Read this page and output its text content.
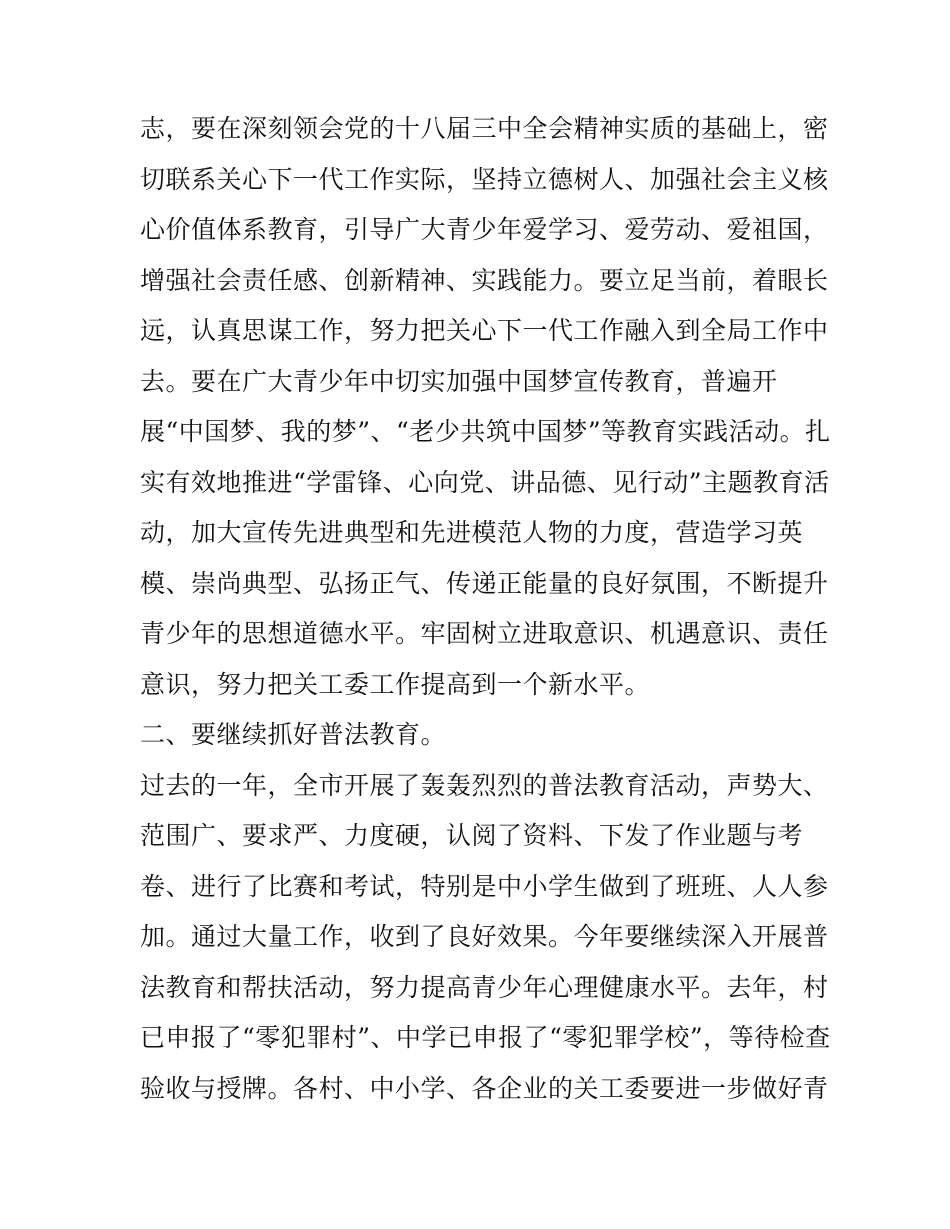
志，要在深刻领会党的十八届三中全会精神实质的基础上，密
切联系关心下一代工作实际，坚持立德树人、加强社会主义核
心价值体系教育，引导广大青少年爱学习、爱劳动、爱祖国，
增强社会责任感、创新精神、实践能力。要立足当前，着眼长
远，认真思谋工作，努力把关心下一代工作融入到全局工作中
去。要在广大青少年中切实加强中国梦宣传教育，普遍开
展“中国梦、我的梦”、“老少共筑中国梦”等教育实践活动。扎
实有效地推进“学雷锋、心向党、讲品德、见行动”主题教育活
动，加大宣传先进典型和先进模范人物的力度，营造学习英
模、崇尚典型、弘扬正气、传递正能量的良好氛围，不断提升
青少年的思想道德水平。牢固树立进取意识、机遇意识、责任
意识，努力把关工委工作提高到一个新水平。
二、要继续抓好普法教育。
过去的一年，全市开展了轰轰烈烈的普法教育活动，声势大、
范围广、要求严、力度硬，认阅了资料、下发了作业题与考
卷、进行了比赛和考试，特别是中小学生做到了班班、人人参
加。通过大量工作，收到了良好效果。今年要继续深入开展普
法教育和帮扶活动，努力提高青少年心理健康水平。去年，村
已申报了“零犯罪村”、中学已申报了“零犯罪学校”，等待检查
验收与授牌。各村、中小学、各企业的关工委要进一步做好青
